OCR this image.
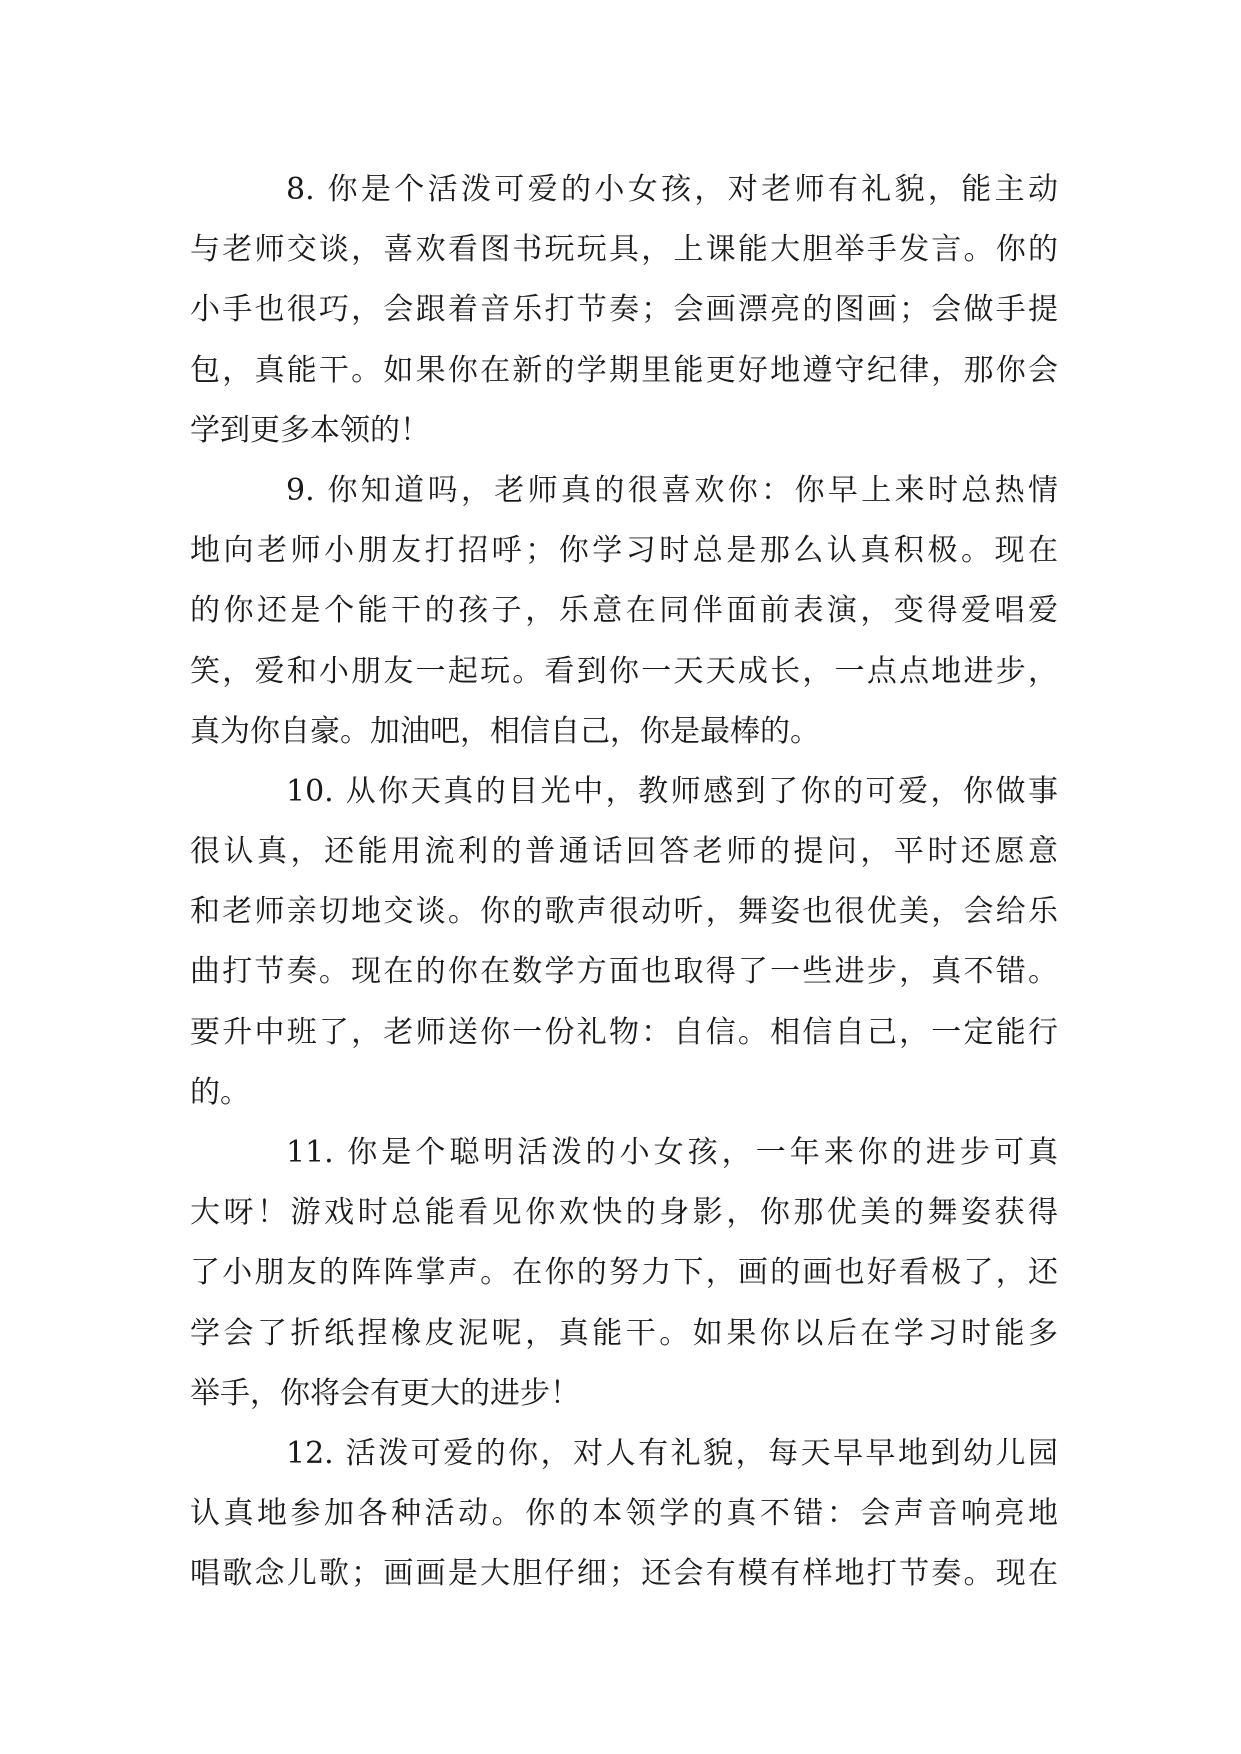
8. 你是个活泼可爱的小女孩，对老师有礼貌，能主动
与老师交谈，喜欢看图书玩玩具，上课能大胆举手发言。你的
小手也很巧，会跟着音乐打节奏；会画漂亮的图画；会做手提
包，真能干。如果你在新的学期里能更好地遵守纪律，那你会
学到更多本领的！
9. 你知道吗，老师真的很喜欢你：你早上来时总热情
地向老师小朋友打招呼；你学习时总是那么认真积极。现在
的你还是个能干的孩子，乐意在同伴面前表演，变得爱唱爱
笑，爱和小朋友一起玩。看到你一天天成长，一点点地进步，
真为你自豪。加油吧，相信自己，你是最棒的。
10. 从你天真的目光中，教师感到了你的可爱，你做事
很认真，还能用流利的普通话回答老师的提问，平时还愿意
和老师亲切地交谈。你的歌声很动听，舞姿也很优美，会给乐
曲打节奏。现在的你在数学方面也取得了一些进步，真不错。
要升中班了，老师送你一份礼物：自信。相信自己，一定能行
的。
11. 你是个聪明活泼的小女孩，一年来你的进步可真
大呀！游戏时总能看见你欢快的身影，你那优美的舞姿获得
了小朋友的阵阵掌声。在你的努力下，画的画也好看极了，还
学会了折纸捏橡皮泥呢，真能干。如果你以后在学习时能多
举手，你将会有更大的进步！
12. 活泼可爱的你，对人有礼貌，每天早早地到幼儿园
认真地参加各种活动。你的本领学的真不错：会声音响亮地
唱歌念儿歌；画画是大胆仔细；还会有模有样地打节奏。现在
